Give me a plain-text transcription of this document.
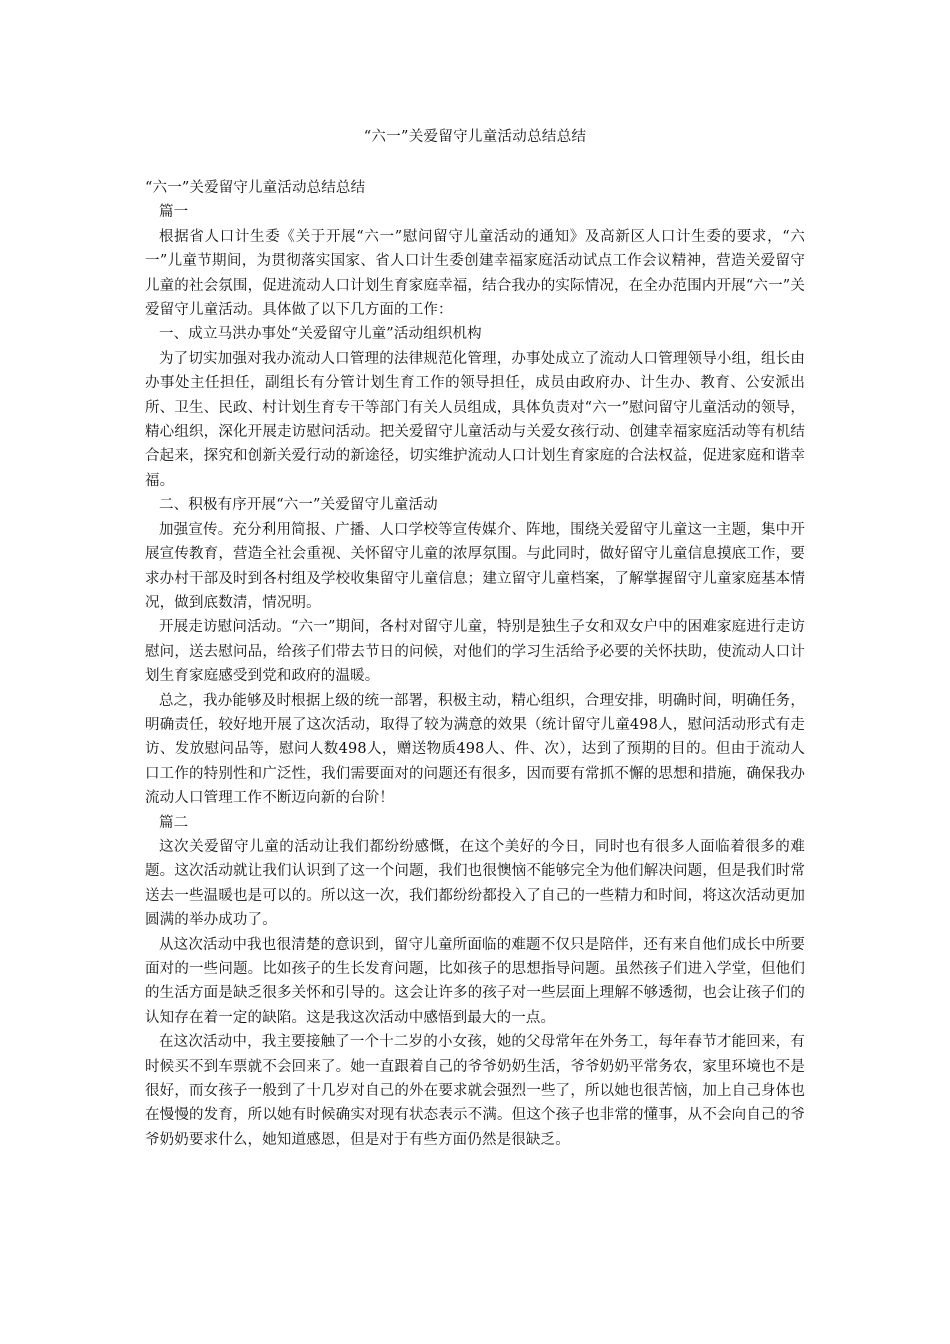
“六一”关爱留守儿童活动总结总结

“六一”关爱留守儿童活动总结总结

篇一

根据省人口计生委《关于开展“六一”慰问留守儿童活动的通知》及高新区人口计生委的要求，“六一”儿童节期间，为贯彻落实国家、省人口计生委创建幸福家庭活动试点工作会议精神，营造关爱留守儿童的社会氛围，促进流动人口计划生育家庭幸福，结合我办的实际情况，在全办范围内开展“六一”关爱留守儿童活动。具体做了以下几方面的工作：

一、成立马洪办事处“关爱留守儿童”活动组织机构

为了切实加强对我办流动人口管理的法律规范化管理，办事处成立了流动人口管理领导小组，组长由办事处主任担任，副组长有分管计划生育工作的领导担任，成员由政府办、计生办、教育、公安派出所、卫生、民政、村计划生育专干等部门有关人员组成，具体负责对“六一”慰问留守儿童活动的领导，精心组织，深化开展走访慰问活动。把关爱留守儿童活动与关爱女孩行动、创建幸福家庭活动等有机结合起来，探究和创新关爱行动的新途径，切实维护流动人口计划生育家庭的合法权益，促进家庭和谐幸福。

二、积极有序开展“六一”关爱留守儿童活动

加强宣传。充分利用简报、广播、人口学校等宣传媒介、阵地，围绕关爱留守儿童这一主题，集中开展宣传教育，营造全社会重视、关怀留守儿童的浓厚氛围。与此同时，做好留守儿童信息摸底工作，要求办村干部及时到各村组及学校收集留守儿童信息；建立留守儿童档案，了解掌握留守儿童家庭基本情况，做到底数清，情况明。

开展走访慰问活动。“六一”期间，各村对留守儿童，特别是独生子女和双女户中的困难家庭进行走访慰问，送去慰问品，给孩子们带去节日的问候，对他们的学习生活给予必要的关怀扶助，使流动人口计划生育家庭感受到党和政府的温暖。

总之，我办能够及时根据上级的统一部署，积极主动，精心组织，合理安排，明确时间，明确任务，明确责任，较好地开展了这次活动，取得了较为满意的效果（统计留守儿童498人，慰问活动形式有走访、发放慰问品等，慰问人数498人，赠送物质498人、件、次），达到了预期的目的。但由于流动人口工作的特别性和广泛性，我们需要面对的问题还有很多，因而要有常抓不懈的思想和措施，确保我办流动人口管理工作不断迈向新的台阶！

篇二

这次关爱留守儿童的活动让我们都纷纷感慨，在这个美好的今日，同时也有很多人面临着很多的难题。这次活动就让我们认识到了这一个问题，我们也很懊恼不能够完全为他们解决问题，但是我们时常送去一些温暖也是可以的。所以这一次，我们都纷纷都投入了自己的一些精力和时间，将这次活动更加圆满的举办成功了。

从这次活动中我也很清楚的意识到，留守儿童所面临的难题不仅只是陪伴，还有来自他们成长中所要面对的一些问题。比如孩子的生长发育问题，比如孩子的思想指导问题。虽然孩子们进入学堂，但他们的生活方面是缺乏很多关怀和引导的。这会让许多的孩子对一些层面上理解不够透彻，也会让孩子们的认知存在着一定的缺陷。这是我这次活动中感悟到最大的一点。

在这次活动中，我主要接触了一个十二岁的小女孩，她的父母常年在外务工，每年春节才能回来，有时候买不到车票就不会回来了。她一直跟着自己的爷爷奶奶生活，爷爷奶奶平常务农，家里环境也不是很好，而女孩子一般到了十几岁对自己的外在要求就会强烈一些了，所以她也很苦恼，加上自己身体也在慢慢的发育，所以她有时候确实对现有状态表示不满。但这个孩子也非常的懂事，从不会向自己的爷爷奶奶要求什么，她知道感恩，但是对于有些方面仍然是很缺乏。
